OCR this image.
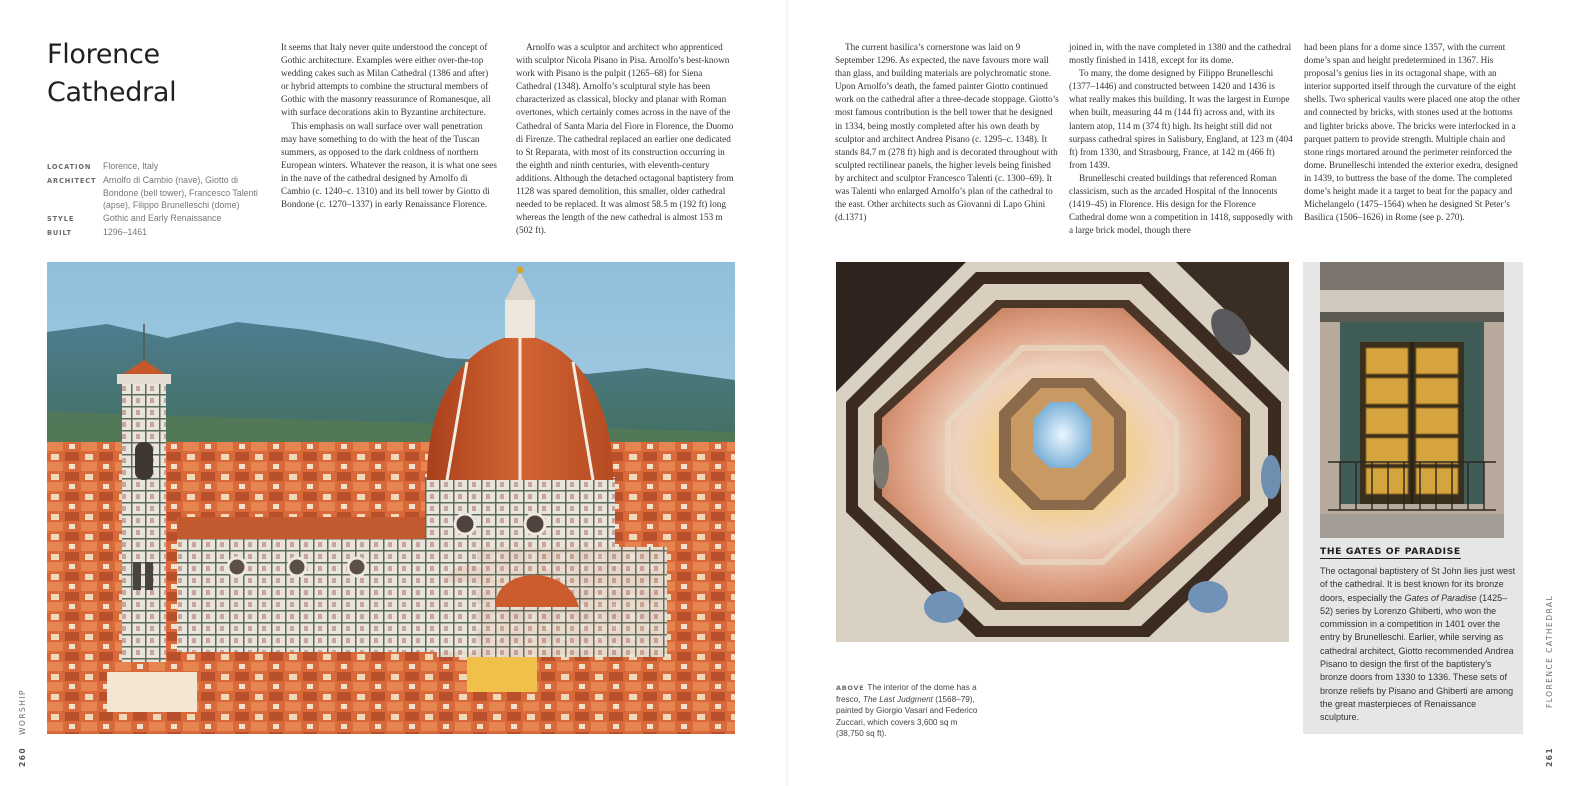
Florence
Cathedral
LOCATION	Florence, Italy
ARCHITECT Arnolfo di Cambio (nave), Giotto di Bondone (bell tower), Francesco Talenti (apse), Filippo Brunelleschi (dome)
STYLE	Gothic and Early Renaissance
BUILT	1296–1461

It seems that Italy never quite understood the concept of Gothic architecture. Examples were either over-the-top wedding cakes such as Milan Cathedral (1386 and after) or hybrid attempts to combine the structural members of Gothic with the masonry reassurance of Romanesque, all with surface decorations akin to Byzantine architecture.

This emphasis on wall surface over wall penetration may have something to do with the heat of the Tuscan summers, as opposed to the dark coldness of northern European winters. Whatever the reason, it is what one sees in the nave of the cathedral designed by Arnolfo di Cambio (c. 1240–c. 1310) and its bell tower by Giotto di Bondone (c. 1270–1337) in early Renaissance Florence.

Arnolfo was a sculptor and architect who apprenticed with sculptor Nicola Pisano in Pisa. Arnolfo’s best-known work with Pisano is the pulpit (1265–68) for Siena Cathedral (1348). Arnolfo’s sculptural style has been characterized as classical, blocky and planar with Roman overtones, which certainly comes across in the nave of the Cathedral of Santa Maria del Fiore in Florence, the Duomo di Firenze. The cathedral replaced an earlier one dedicated to St Reparata, with most of its construction occurring in the eighth and ninth centuries, with eleventh-century additions. Although the detached octagonal baptistery from 1128 was spared demolition, this smaller, older cathedral needed to be replaced. It was almost 58.5 m (192 ft) long whereas the length of the new cathedral is almost 153 m (502 ft).

WORSHIP
260

The current basilica’s cornerstone was laid on 9 September 1296. As expected, the nave favours more wall than glass, and building materials are polychromatic stone. Upon Arnolfo’s death, the famed painter Giotto continued work on the cathedral after a three-decade stoppage. Giotto’s most famous contribution is the bell tower that he designed in 1334, being mostly completed after his own death by sculptor and architect Andrea Pisano (c. 1295–c. 1348). It stands 84.7 m (278 ft) high and is decorated throughout with sculpted rectilinear panels, the higher levels being finished by architect and sculptor Francesco Talenti (c. 1300–69). It was Talenti who enlarged Arnolfo’s plan of the cathedral to the east. Other architects such as Giovanni di Lapo Ghini (d.1371)

joined in, with the nave completed in 1380 and the cathedral mostly finished in 1418, except for its dome.

To many, the dome designed by Filippo Brunelleschi (1377–1446) and constructed between 1420 and 1436 is what really makes this building. It was the largest in Europe when built, measuring 44 m (144 ft) across and, with its lantern atop, 114 m (374 ft) high. Its height still did not surpass cathedral spires in Salisbury, England, at 123 m (404 ft) from 1330, and Strasbourg, France, at 142 m (466 ft) from 1439.

Brunelleschi created buildings that referenced Roman classicism, such as the arcaded Hospital of the Innocents (1419–45) in Florence. His design for the Florence Cathedral dome won a competition in 1418, supposedly with a large brick model, though there

had been plans for a dome since 1357, with the current dome’s span and height predetermined in 1367. His proposal’s genius lies in its octagonal shape, with an interior supported itself through the curvature of the eight shells. Two spherical vaults were placed one atop the other and connected by bricks, with stones used at the bottoms and lighter bricks above. The bricks were interlocked in a parquet pattern to provide strength. Multiple chain and stone rings mortared around the perimeter reinforced the dome. Brunelleschi intended the exterior exedra, designed in 1439, to buttress the base of the dome. The completed dome’s height made it a target to beat for the papacy and Michelangelo (1475–1564) when he designed St Peter’s Basilica (1506–1626) in Rome (see p. 270).

ABOVE The interior of the dome has a fresco, The Last Judgment (1568–79), painted by Giorgio Vasari and Federico Zuccari, which covers 3,600 sq m (38,750 sq ft).
THE GATES OF PARADISE
The octagonal baptistery of St John lies just west of the cathedral. It is best known for its bronze doors, especially the Gates of Paradise (1425–52) series by Lorenzo Ghiberti, who won the commission in a competition in 1401 over the entry by Brunelleschi. Earlier, while serving as cathedral architect, Giotto recommended Andrea Pisano to design the first of the baptistery’s bronze doors from 1330 to 1336. These sets of bronze reliefs by Pisano and Ghiberti are among the great masterpieces of Renaissance sculpture.
FLORENCE CATHEDRAL
261
